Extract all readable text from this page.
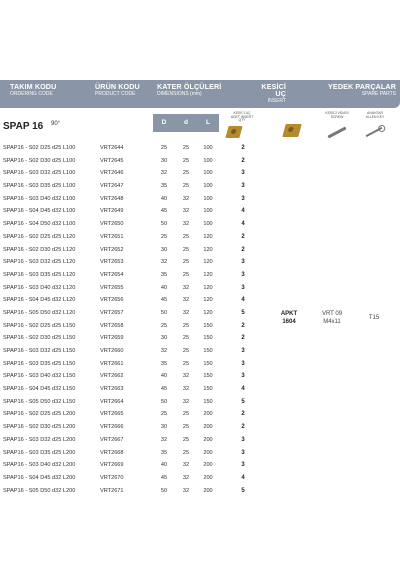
TAKIM KODU
ORDERING CODE
ÜRÜN KODU
PRODUCT CODE
KATER ÖLÇÜLERİ
DIMENSIONS (mm)
KESİCİ UÇ
INSERT
YEDEK PARÇALAR
SPARE PARTS
SPAP 16 90°	D	d	L
KESİCİ UÇ ADET INSERT QTY
KESİCİ VİDASI SCREW
ANAHTAR ALLEN KEY
SPAP16 - S02 D25 d25 L100	VRT2644	25	25	100	2
SPAP16 - S02 D30 d25 L100	VRT2645	30	25	100	2
SPAP16 - S03 D32 d25 L100	VRT2646	32	25	100	3
SPAP16 - S03 D35 d25 L100	VRT2647	35	25	100	3
SPAP16 - S03 D40 d32 L100	VRT2648	40	32	100	3
SPAP16 - S04 D45 d32 L100	VRT2649	45	32	100	4
SPAP16 - S04 D50 d32 L100	VRT2650	50	32	100	4
SPAP16 - S02 D25 d25 L120	VRT2651	25	25	120	2
SPAP16 - S02 D30 d25 L120	VRT2652	30	25	120	2
SPAP16 - S03 D32 d25 L120	VRT2653	32	25	120	3
SPAP16 - S03 D35 d25 L120	VRT2654	35	25	120	3
SPAP16 - S03 D40 d32 L120	VRT2655	40	32	120	3
SPAP16 - S04 D45 d32 L120	VRT2656	45	32	120	4
SPAP16 - S05 D50 d32 L120	VRT2657	50	32	120	5
SPAP16 - S02 D25 d25 L150	VRT2658	25	25	150	2
SPAP16 - S02 D30 d25 L150	VRT2659	30	25	150	2
SPAP16 - S03 D32 d25 L150	VRT2660	32	25	150	3
SPAP16 - S03 D35 d25 L150	VRT2661	35	25	150	3
SPAP16 - S03 D40 d32 L150	VRT2662	40	32	150	3
SPAP16 - S04 D45 d32 L150	VRT2663	45	32	150	4
SPAP16 - S05 D50 d32 L150	VRT2664	50	32	150	5
SPAP16 - S02 D25 d25 L200	VRT2665	25	25	200	2
SPAP16 - S02 D30 d25 L200	VRT2666	30	25	200	2
SPAP16 - S03 D32 d25 L200	VRT2667	32	25	200	3
SPAP16 - S03 D35 d25 L200	VRT2668	35	25	200	3
SPAP16 - S03 D40 d32 L200	VRT2669	40	32	200	3
SPAP16 - S04 D45 d32 L200	VRT2670	45	32	200	4
SPAP16 - S05 D50 d32 L200	VRT2671	50	32	200	5
APKT
1604
VRT 09
M4x11
T15
